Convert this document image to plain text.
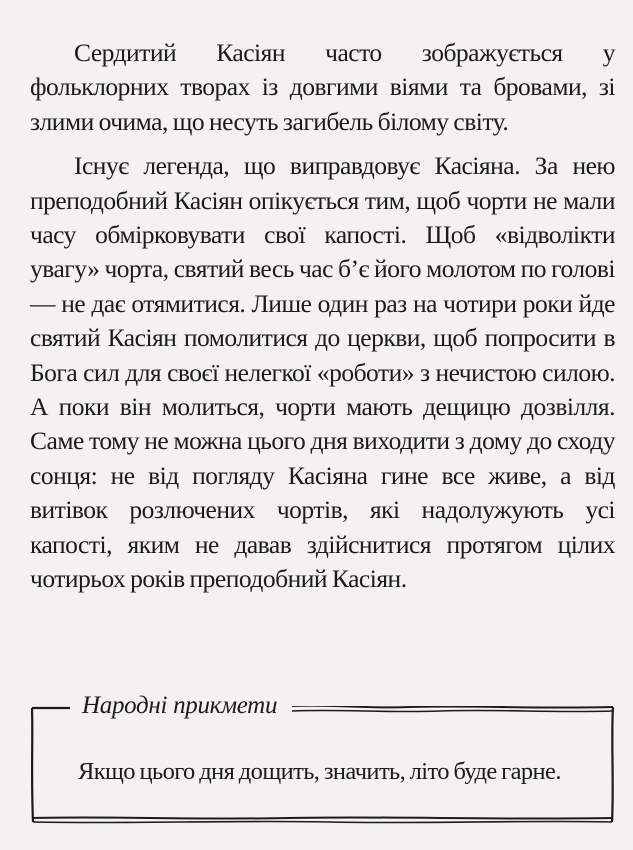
Сердитий Касіян часто зображується у фольклорних творах із довгими віями та бровами, зі злими очима, що несуть загибель білому світу.

Існує легенда, що виправдовує Касіяна. За нею преподобний Касіян опікується тим, щоб чорти не мали часу обмірковувати свої капості. Щоб «відволікти увагу» чорта, святий весь час б’є його молотом по голові — не дає отямитися. Лише один раз на чотири роки йде святий Касіян помолитися до церкви, щоб попросити в Бога сил для своєї нелегкої «роботи» з нечистою силою. А поки він молиться, чорти мають дещицю дозвілля. Саме тому не можна цього дня виходити з дому до сходу сонця: не від погляду Касіяна гине все живе, а від витівок розлючених чортів, які надолужують усі капості, яким не давав здійснитися протягом цілих чотирьох років преподобний Касіян.

Народні прикмети
Якщо цього дня дощить, значить, літо буде гарне.
